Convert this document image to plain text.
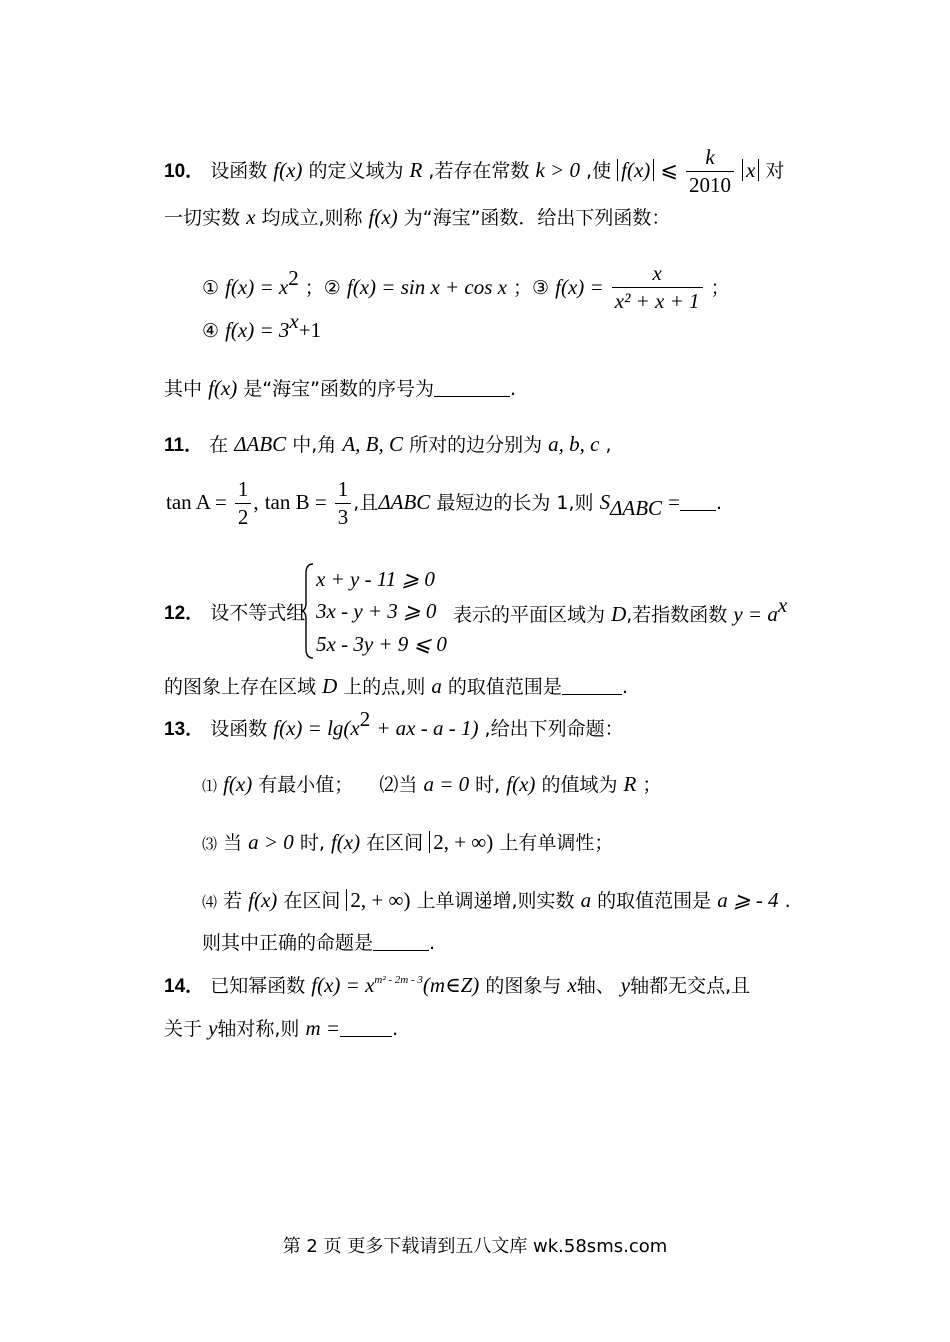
10． 设函数 f(x) 的定义域为 R ,若存在常数 k > 0 ,使 f(x) ⩽ $\frac{k}{2010}$ x 对
一切实数 x 均成立,则称 f(x) 为“海宝”函数．给出下列函数：
① $f(x) = x^2$ ；② f(x) = sin x + cos x ；③ $f(x) = \frac{x}{\text{x² + x + 1}}$ ；
④ $f(x) = 3^x+1$
其中 f(x) 是“海宝”函数的序号为	.
11． 在 ΔABC 中,角 A, B, C 所对的边分别为 a, b, c ,
$\tan A = \frac{1}{2}$ , $\tan B = \frac{1}{3}$ ,且ΔABC 最短边的长为 1,则 $S_{\Delta ABC}$ = .
x + y - 11 ⩾ 0
3x - y + 3 ⩾ 0
5x - 3y + 9 ⩽ 0
12． 设不等式组	表示的平面区域为 D,若指数函数 $y = a^x$
的图象上存在区域 D 上的点,则 a 的取值范围是	.
13． 设函数 $f(x) = \lg(x^2$ + ax - a - 1) ,给出下列命题：
⑴ f(x) 有最小值； ⑵当 a = 0 时, f(x) 的值域为 R ；
⑶ 当 a > 0 时, f(x) 在区间 2, + ∞) 上有单调性；
⑷ 若 f(x) 在区间 2, + ∞) 上单调递增,则实数 a 的取值范围是 a ⩾ - 4 .
则其中正确的命题是	.
14． 已知幂函数 $f(x) = x^{m^2 - 2m - 3}(m\in Z)$ 的图象与 x轴、 y轴都无交点,且
关于 y轴对称,则 m =	.
第 2 页 更多下载请到五八文库 wk.58sms.com
